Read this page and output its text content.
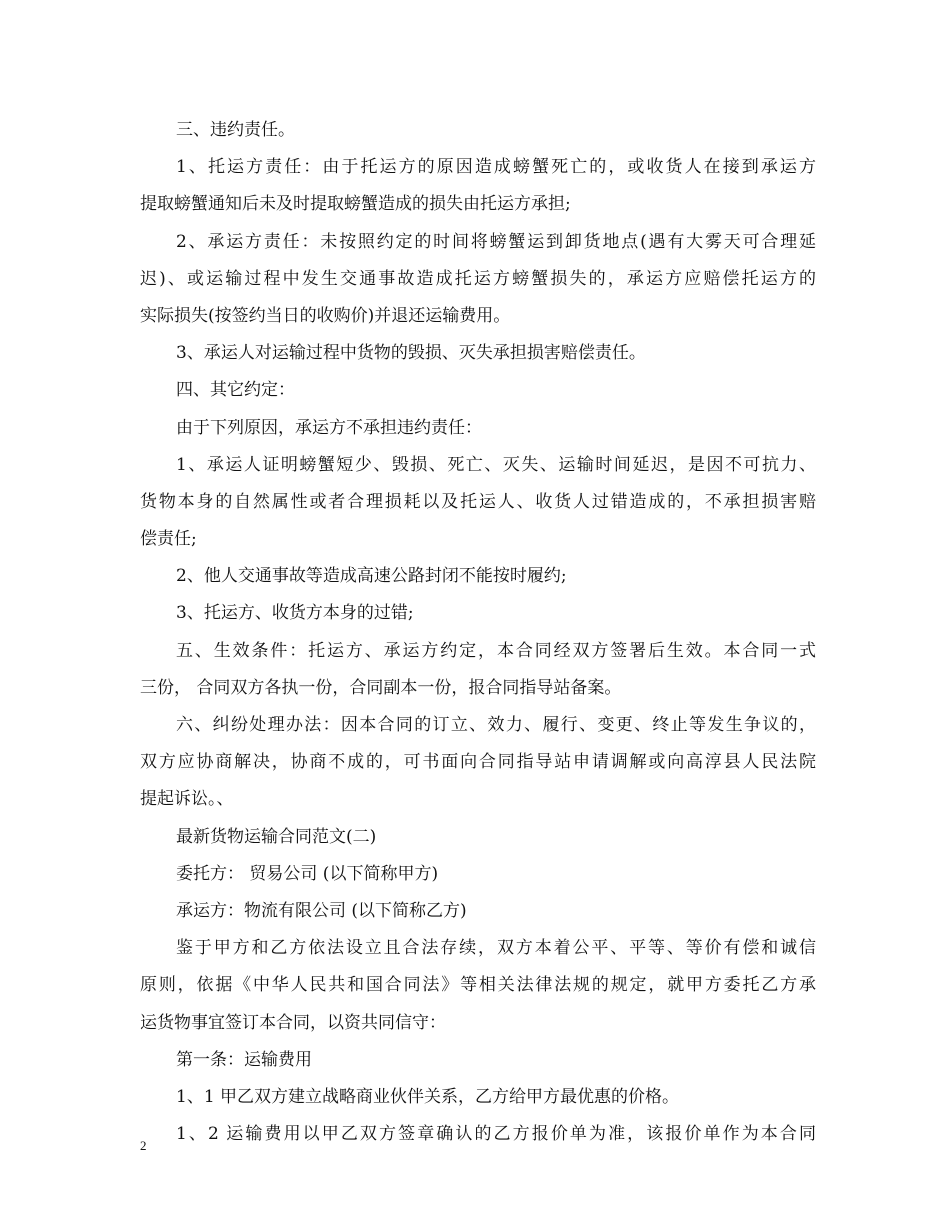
三、违约责任。
1、托运方责任：由于托运方的原因造成螃蟹死亡的，或收货人在接到承运方
提取螃蟹通知后未及时提取螃蟹造成的损失由托运方承担;
2、承运方责任：未按照约定的时间将螃蟹运到卸货地点(遇有大雾天可合理延
迟)、或运输过程中发生交通事故造成托运方螃蟹损失的，承运方应赔偿托运方的
实际损失(按签约当日的收购价)并退还运输费用。
3、承运人对运输过程中货物的毁损、灭失承担损害赔偿责任。
四、其它约定：
由于下列原因，承运方不承担违约责任：
1、承运人证明螃蟹短少、毁损、死亡、灭失、运输时间延迟，是因不可抗力、
货物本身的自然属性或者合理损耗以及托运人、收货人过错造成的，不承担损害赔
偿责任;
2、他人交通事故等造成高速公路封闭不能按时履约;
3、托运方、收货方本身的过错;
五、生效条件：托运方、承运方约定，本合同经双方签署后生效。本合同一式
三份， 合同双方各执一份，合同副本一份，报合同指导站备案。
六、纠纷处理办法：因本合同的订立、效力、履行、变更、终止等发生争议的，
双方应协商解决，协商不成的，可书面向合同指导站申请调解或向高淳县人民法院
提起诉讼。、
最新货物运输合同范文(二)
委托方： 贸易公司 (以下简称甲方)
承运方：物流有限公司 (以下简称乙方)
鉴于甲方和乙方依法设立且合法存续，双方本着公平、平等、等价有偿和诚信
原则，依据《中华人民共和国合同法》等相关法律法规的规定，就甲方委托乙方承
运货物事宜签订本合同，以资共同信守：
第一条：运输费用
1、1 甲乙双方建立战略商业伙伴关系，乙方给甲方最优惠的价格。
1、2 运输费用以甲乙双方签章确认的乙方报价单为准，该报价单作为本合同
2
